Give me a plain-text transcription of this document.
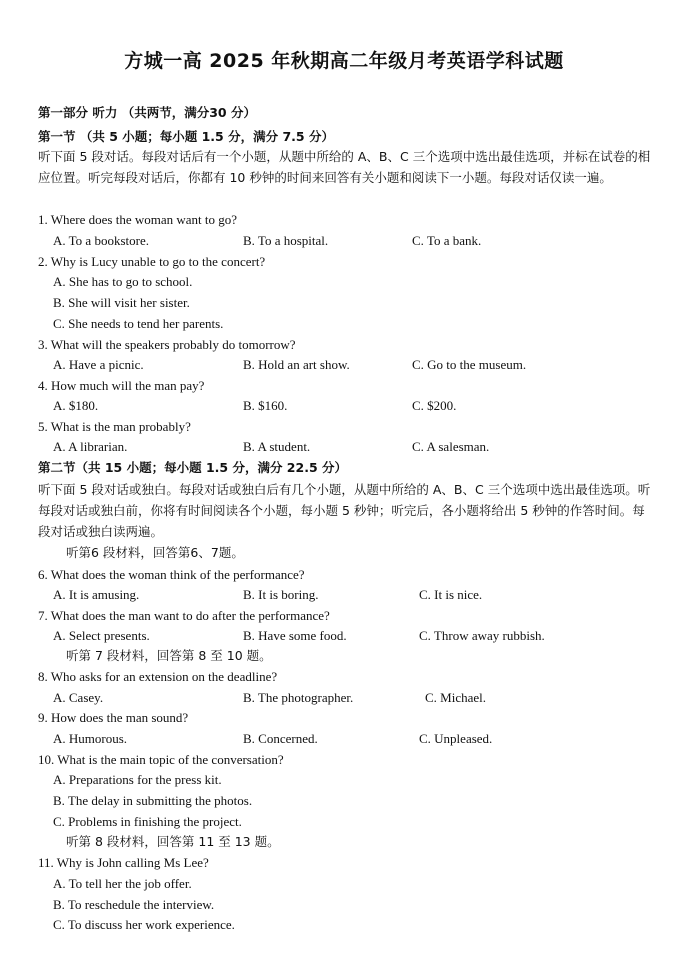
方城一高 2025 年秋期高二年级月考英语学科试题
第一部分 听力 （共两节，满分30 分）
第一节 （共 5 小题；每小题 1.5 分，满分 7.5 分）
听下面 5 段对话。每段对话后有一个小题，从题中所给的 A、B、C 三个选项中选出最佳选项，并标在试卷的相应位置。听完每段对话后，你都有 10 秒钟的时间来回答有关小题和阅读下一小题。每段对话仅读一遍。
1. Where does the woman want to go?
A. To a bookstore.	B. To a hospital.	C. To a bank.
2. Why is Lucy unable to go to the concert?
A. She has to go to school.
B. She will visit her sister.
C. She needs to tend her parents.
3. What will the speakers probably do tomorrow?
A. Have a picnic.	B. Hold an art show.	C. Go to the museum.
4. How much will the man pay?
A. $180.	B. $160.	C. $200.
5. What is the man probably?
A. A librarian.	B. A student.	C. A salesman.
第二节（共 15 小题；每小题 1.5 分，满分 22.5 分）
听下面 5 段对话或独白。每段对话或独白后有几个小题，从题中所给的 A、B、C 三个选项中选出最佳选项。听每段对话或独白前，你将有时间阅读各个小题，每小题 5 秒钟；听完后，各小题将给出 5 秒钟的作答时间。每段对话或独白读两遍。
听第6 段材料，回答第6、7题。
6. What does the woman think of the performance?
A. It is amusing.	B. It is boring.	C. It is nice.
7. What does the man want to do after the performance?
A. Select presents.	B. Have some food.	C. Throw away rubbish.
听第 7 段材料，回答第 8 至 10 题。
8. Who asks for an extension on the deadline?
A. Casey.	B. The photographer.	C. Michael.
9. How does the man sound?
A. Humorous.	B. Concerned.	C. Unpleased.
10. What is the main topic of the conversation?
A. Preparations for the press kit.
B. The delay in submitting the photos.
C. Problems in finishing the project.
听第 8 段材料，回答第 11 至 13 题。
11. Why is John calling Ms Lee?
A. To tell her the job offer.
B. To reschedule the interview.
C. To discuss her work experience.
